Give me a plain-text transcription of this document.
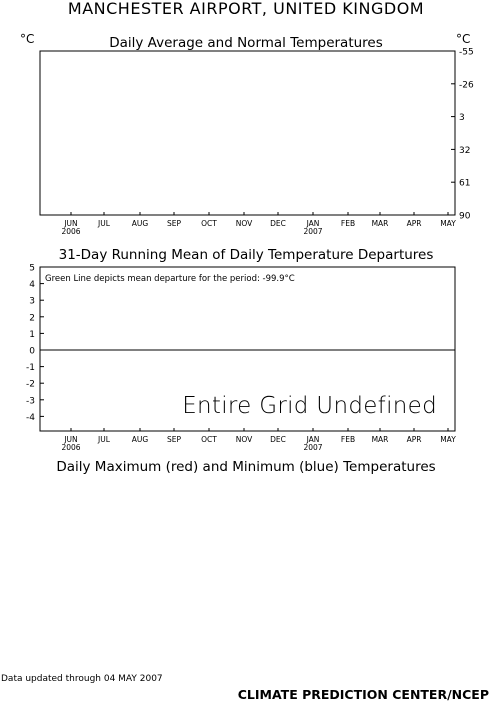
MANCHESTER AIRPORT, UNITED KINGDOM
Daily Average and Normal Temperatures
°C	°C
-55
-26
3
32
61
90
JUN	JUL	AUG	SEP	OCT	NOV DEC	JAN	FEB MAR APR	MAY
2006	2007
31-Day Running Mean of Daily Temperature Departures
Green Line depicts mean departure for the period: -99.9°C
Entire Grid Undefined
5
4
3
2
1
0
-1
-2
-3
-4
JUN	JUL	AUG	SEP	OCT	NOV DEC	JAN	FEB MAR APR	MAY
2006	2007
Daily Maximum (red) and Minimum (blue) Temperatures
Data updated through 04 MAY 2007
CLIMATE PREDICTION CENTER/NCEP
